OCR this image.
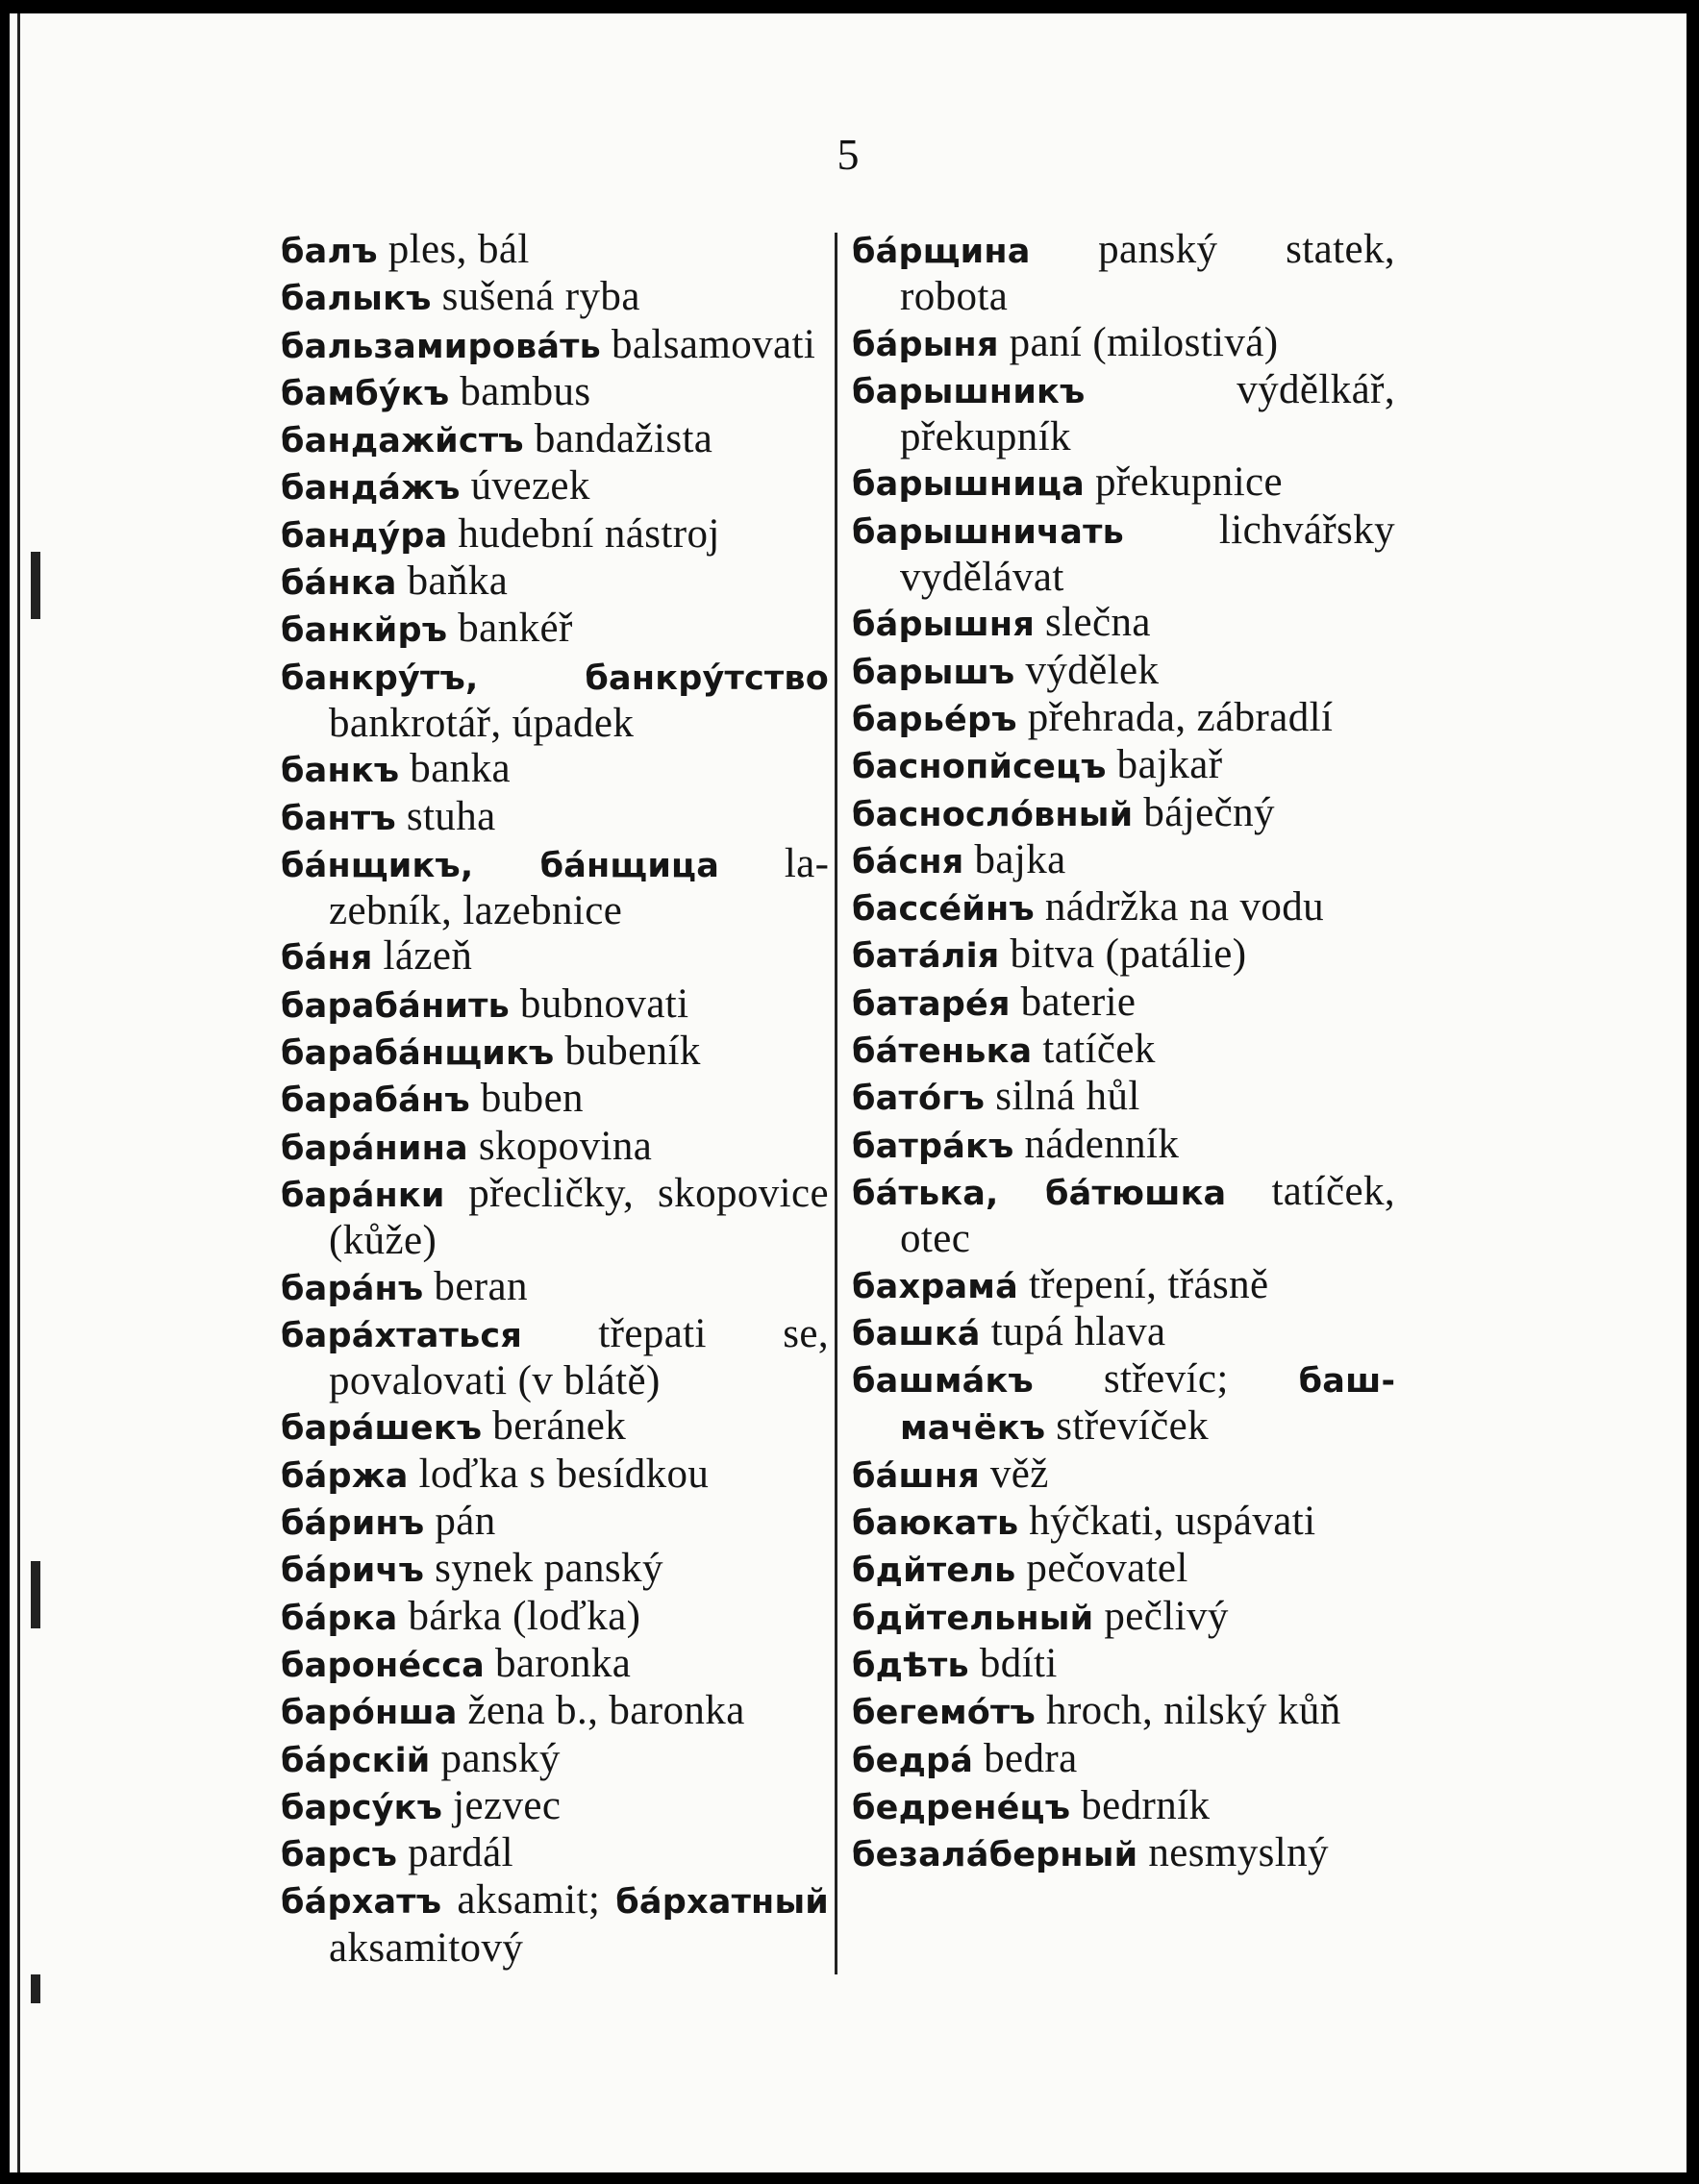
5

балъ ples, bál

балыкъ sušená ryba

бальзамировáть balsamovati

бамбýкъ bambus

бандажйстъ bandažista

бандáжъ úvezek

бандýра hudební nástroj

бáнка baňka

банкйръ bankéř

банкрýтъ, банкрýтство bankrotář, úpadek

банкъ banka

бантъ stuha

бáнщикъ, бáнщица lazebník, lazebnice

бáня lázeň

барабáнить bubnovati

барабáнщикъ bubeník

барабáнъ buben

барáнина skopovina

барáнки přecličky, skopovice (kůže)

барáнъ beran

барáхтаться třepati se, povalovati (v blátě)

барáшекъ beránek

бáржа loďka s besídkou

бáринъ pán

бáричъ synek panský

бáрка bárka (loďka)

баронéсса baronka

барóнша žena b., baronka

бáрскій panský

барсýкъ jezvec

барсъ pardál

бáрхатъ aksamit; бáрхатный aksamitový

бáрщина panský statek, robota

бáрыня paní (milostivá)

барышникъ	výdělkář, překupník

барышница překupnice

барышничать lichvářsky vydělávat

бáрышня slečna

барышъ výdělek

барьéръ přehrada, zábradlí

баснопйсецъ bajkař

басноcлóвный báječný

бáсня bajka

бассéйнъ nádržka na vodu

батáлія bitva (patálie)

батарéя baterie

бáтенька tatíček

батóгъ silná hůl

батрáкъ nádenník

бáтька, бáтюшка tatíček, otec

бахрамá třepení, třásně

башкá tupá hlava

башмáкъ střevíc; башмачёкъ střevíček

бáшня věž

баюкать hýčkati, uspávati

бдйтель pečovatel

бдйтельный pečlivý

бдѣть bdíti

бегемóтъ hroch, nilský kůň

бедрá bedra

бедренéцъ bedrník

безалáберный nesmyslný
